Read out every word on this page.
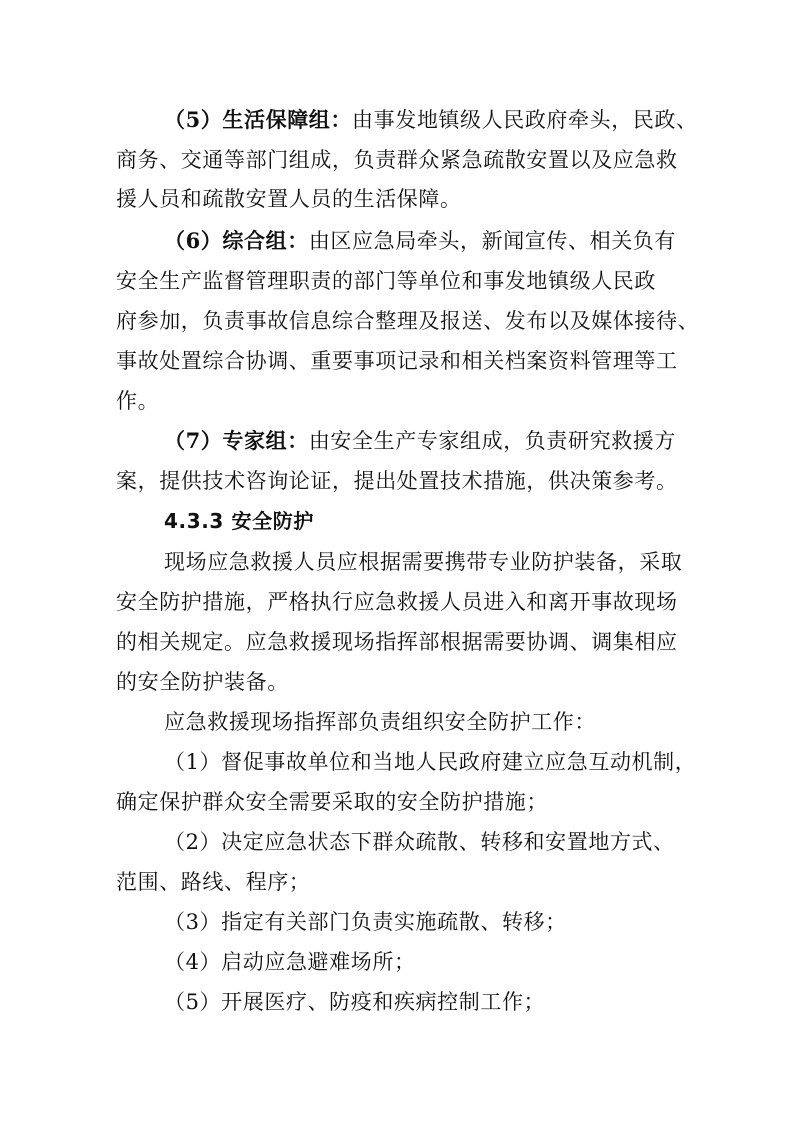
（5）生活保障组：由事发地镇级人民政府牵头，民政、
商务、交通等部门组成，负责群众紧急疏散安置以及应急救
援人员和疏散安置人员的生活保障。
（6）综合组：由区应急局牵头，新闻宣传、相关负有
安全生产监督管理职责的部门等单位和事发地镇级人民政
府参加，负责事故信息综合整理及报送、发布以及媒体接待、
事故处置综合协调、重要事项记录和相关档案资料管理等工
作。
（7）专家组：由安全生产专家组成，负责研究救援方
案，提供技术咨询论证，提出处置技术措施，供决策参考。
4.3.3 安全防护
现场应急救援人员应根据需要携带专业防护装备，采取
安全防护措施，严格执行应急救援人员进入和离开事故现场
的相关规定。应急救援现场指挥部根据需要协调、调集相应
的安全防护装备。
应急救援现场指挥部负责组织安全防护工作：
（1）督促事故单位和当地人民政府建立应急互动机制，
确定保护群众安全需要采取的安全防护措施；
（2）决定应急状态下群众疏散、转移和安置地方式、
范围、路线、程序；
（3）指定有关部门负责实施疏散、转移；
（4）启动应急避难场所；
（5）开展医疗、防疫和疾病控制工作；
